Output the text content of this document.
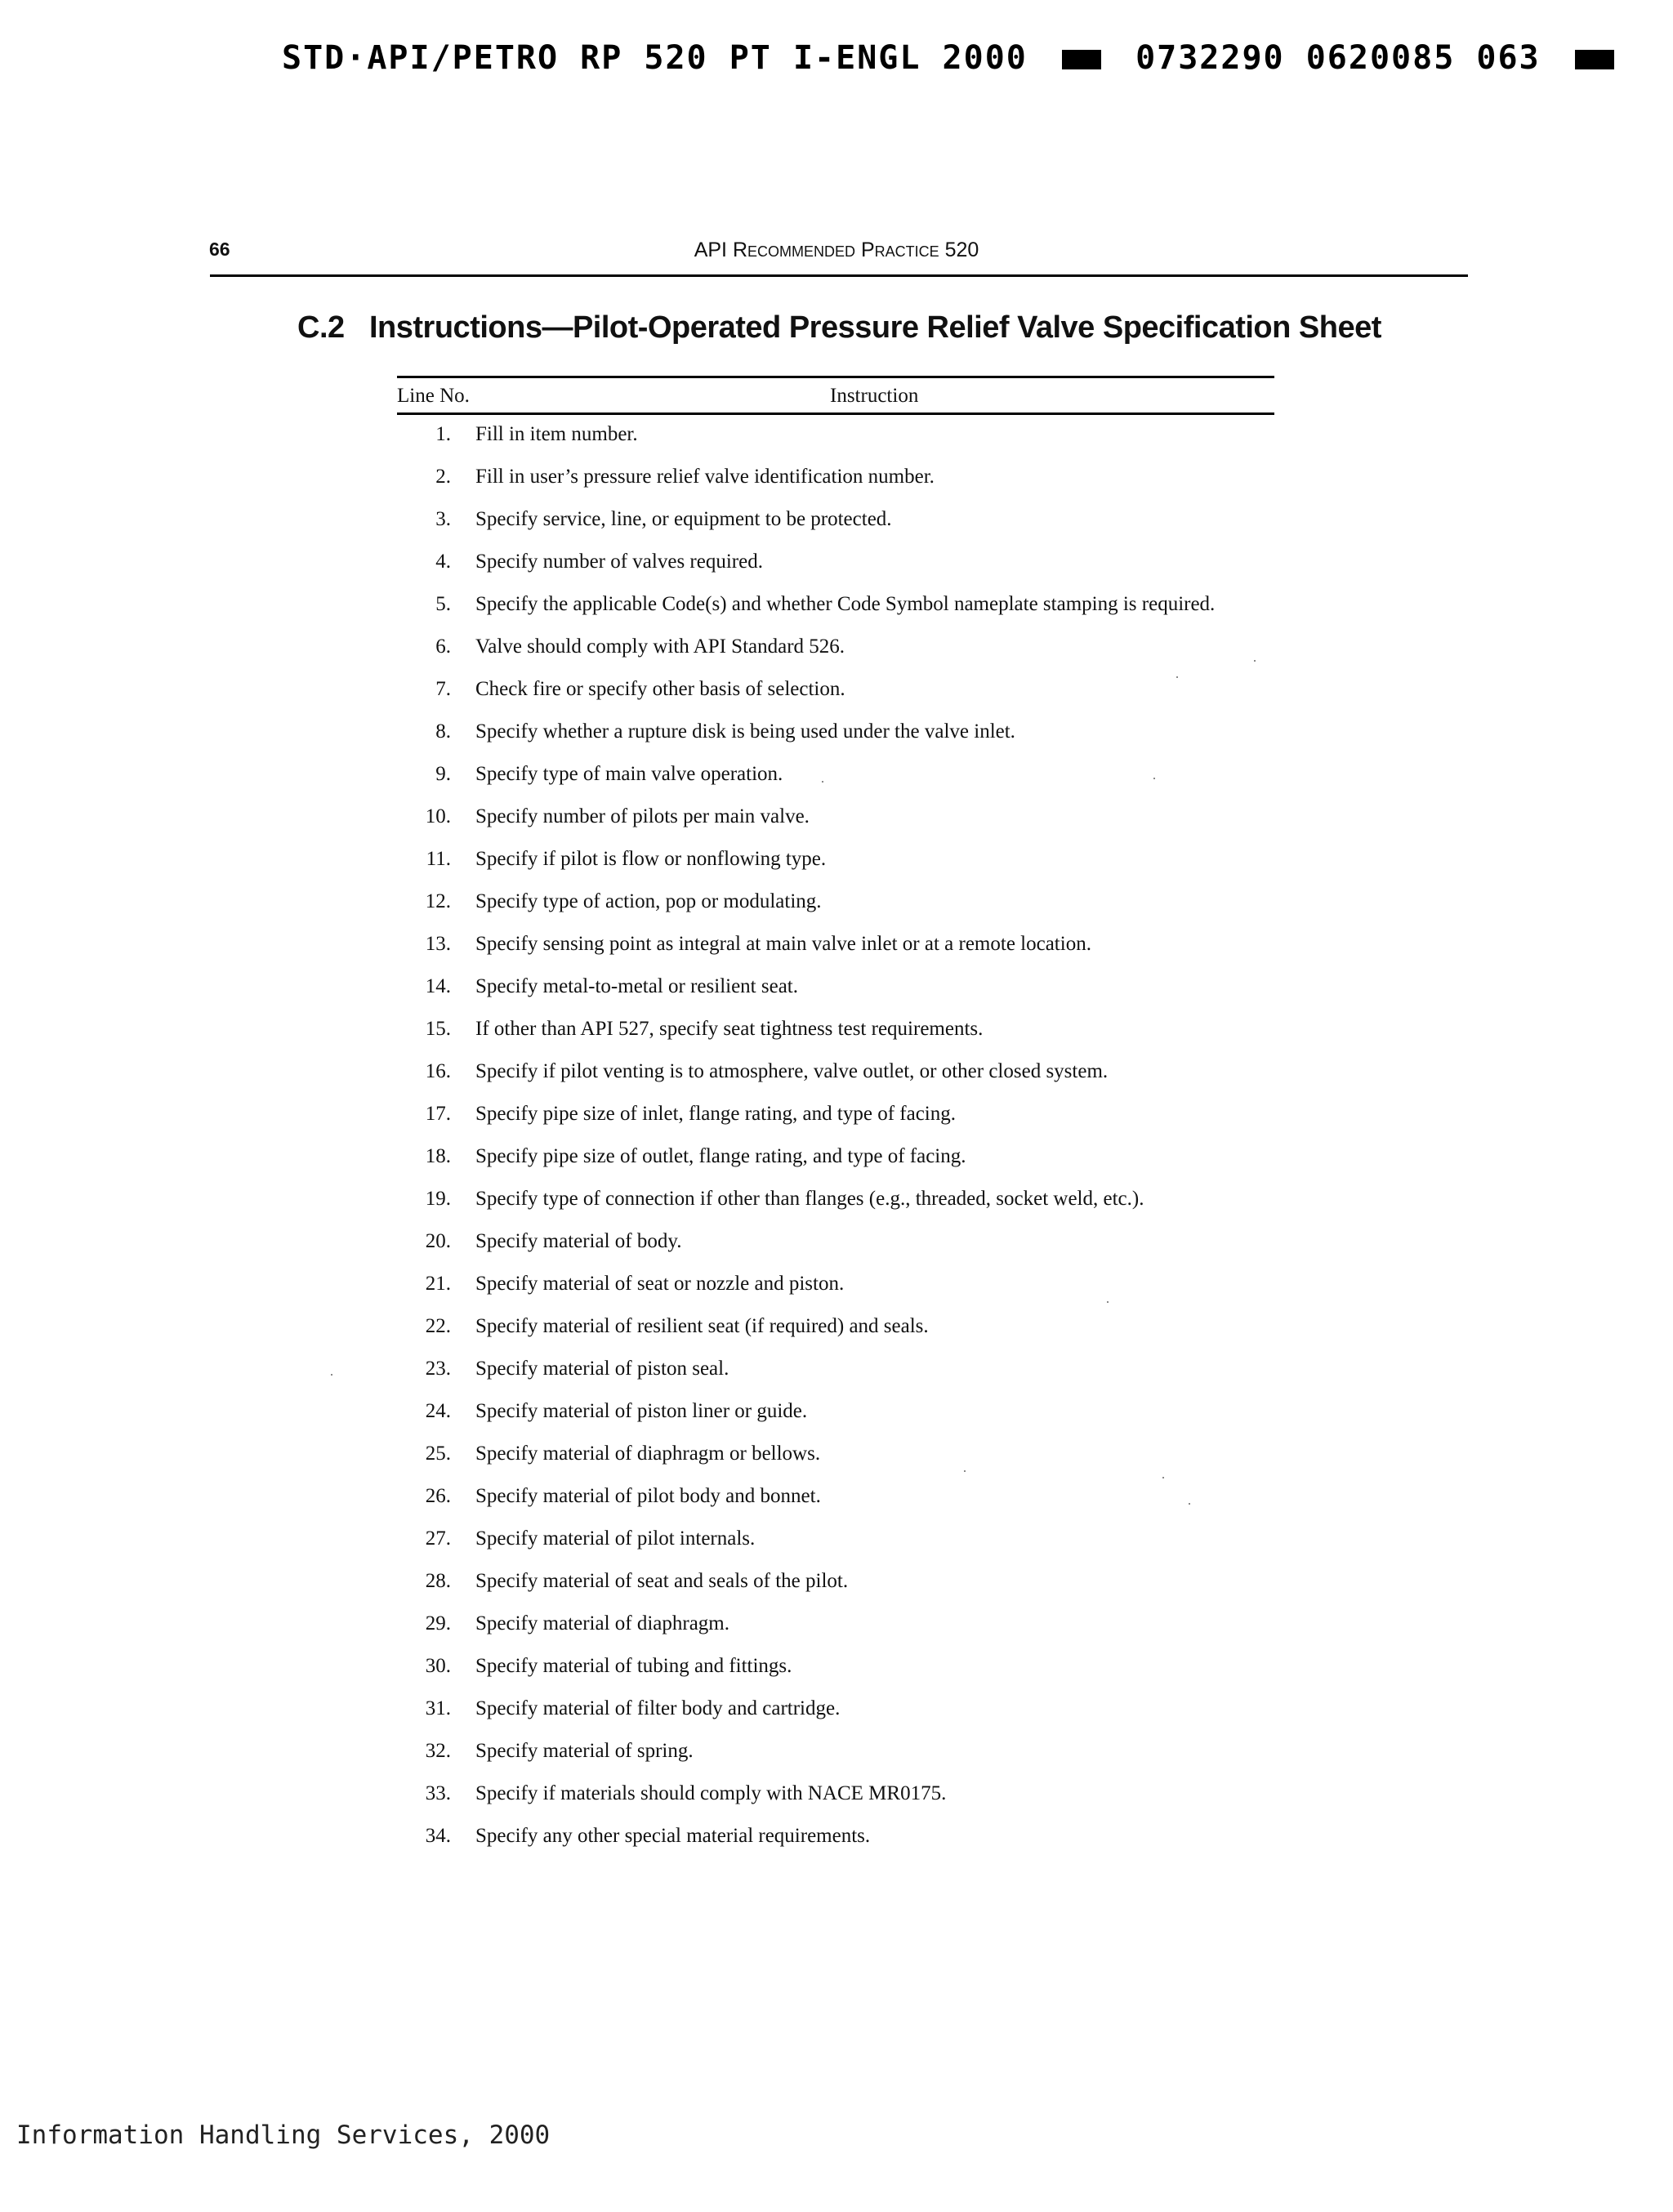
STD·API/PETRO RP 520 PT I-ENGL 2000	0732290 0620085 063
66	API Recommended Practice 520
C.2 Instructions—Pilot-Operated Pressure Relief Valve Specification Sheet
Line No.	Instruction
1. Fill in item number.
2. Fill in user’s pressure relief valve identification number.
3. Specify service, line, or equipment to be protected.
4. Specify number of valves required.
5. Specify the applicable Code(s) and whether Code Symbol nameplate stamping is required.
6. Valve should comply with API Standard 526.
7. Check fire or specify other basis of selection.
8. Specify whether a rupture disk is being used under the valve inlet.
9. Specify type of main valve operation.
10. Specify number of pilots per main valve.
11. Specify if pilot is flow or nonflowing type.
12. Specify type of action, pop or modulating.
13. Specify sensing point as integral at main valve inlet or at a remote location.
14. Specify metal-to-metal or resilient seat.
15. If other than API 527, specify seat tightness test requirements.
16. Specify if pilot venting is to atmosphere, valve outlet, or other closed system.
17. Specify pipe size of inlet, flange rating, and type of facing.
18. Specify pipe size of outlet, flange rating, and type of facing.
19. Specify type of connection if other than flanges (e.g., threaded, socket weld, etc.).
20. Specify material of body.
21. Specify material of seat or nozzle and piston.
22. Specify material of resilient seat (if required) and seals.
23. Specify material of piston seal.
24. Specify material of piston liner or guide.
25. Specify material of diaphragm or bellows.
26. Specify material of pilot body and bonnet.
27. Specify material of pilot internals.
28. Specify material of seat and seals of the pilot.
29. Specify material of diaphragm.
30. Specify material of tubing and fittings.
31. Specify material of filter body and cartridge.
32. Specify material of spring.
33. Specify if materials should comply with NACE MR0175.
34. Specify any other special material requirements.
Information Handling Services, 2000
